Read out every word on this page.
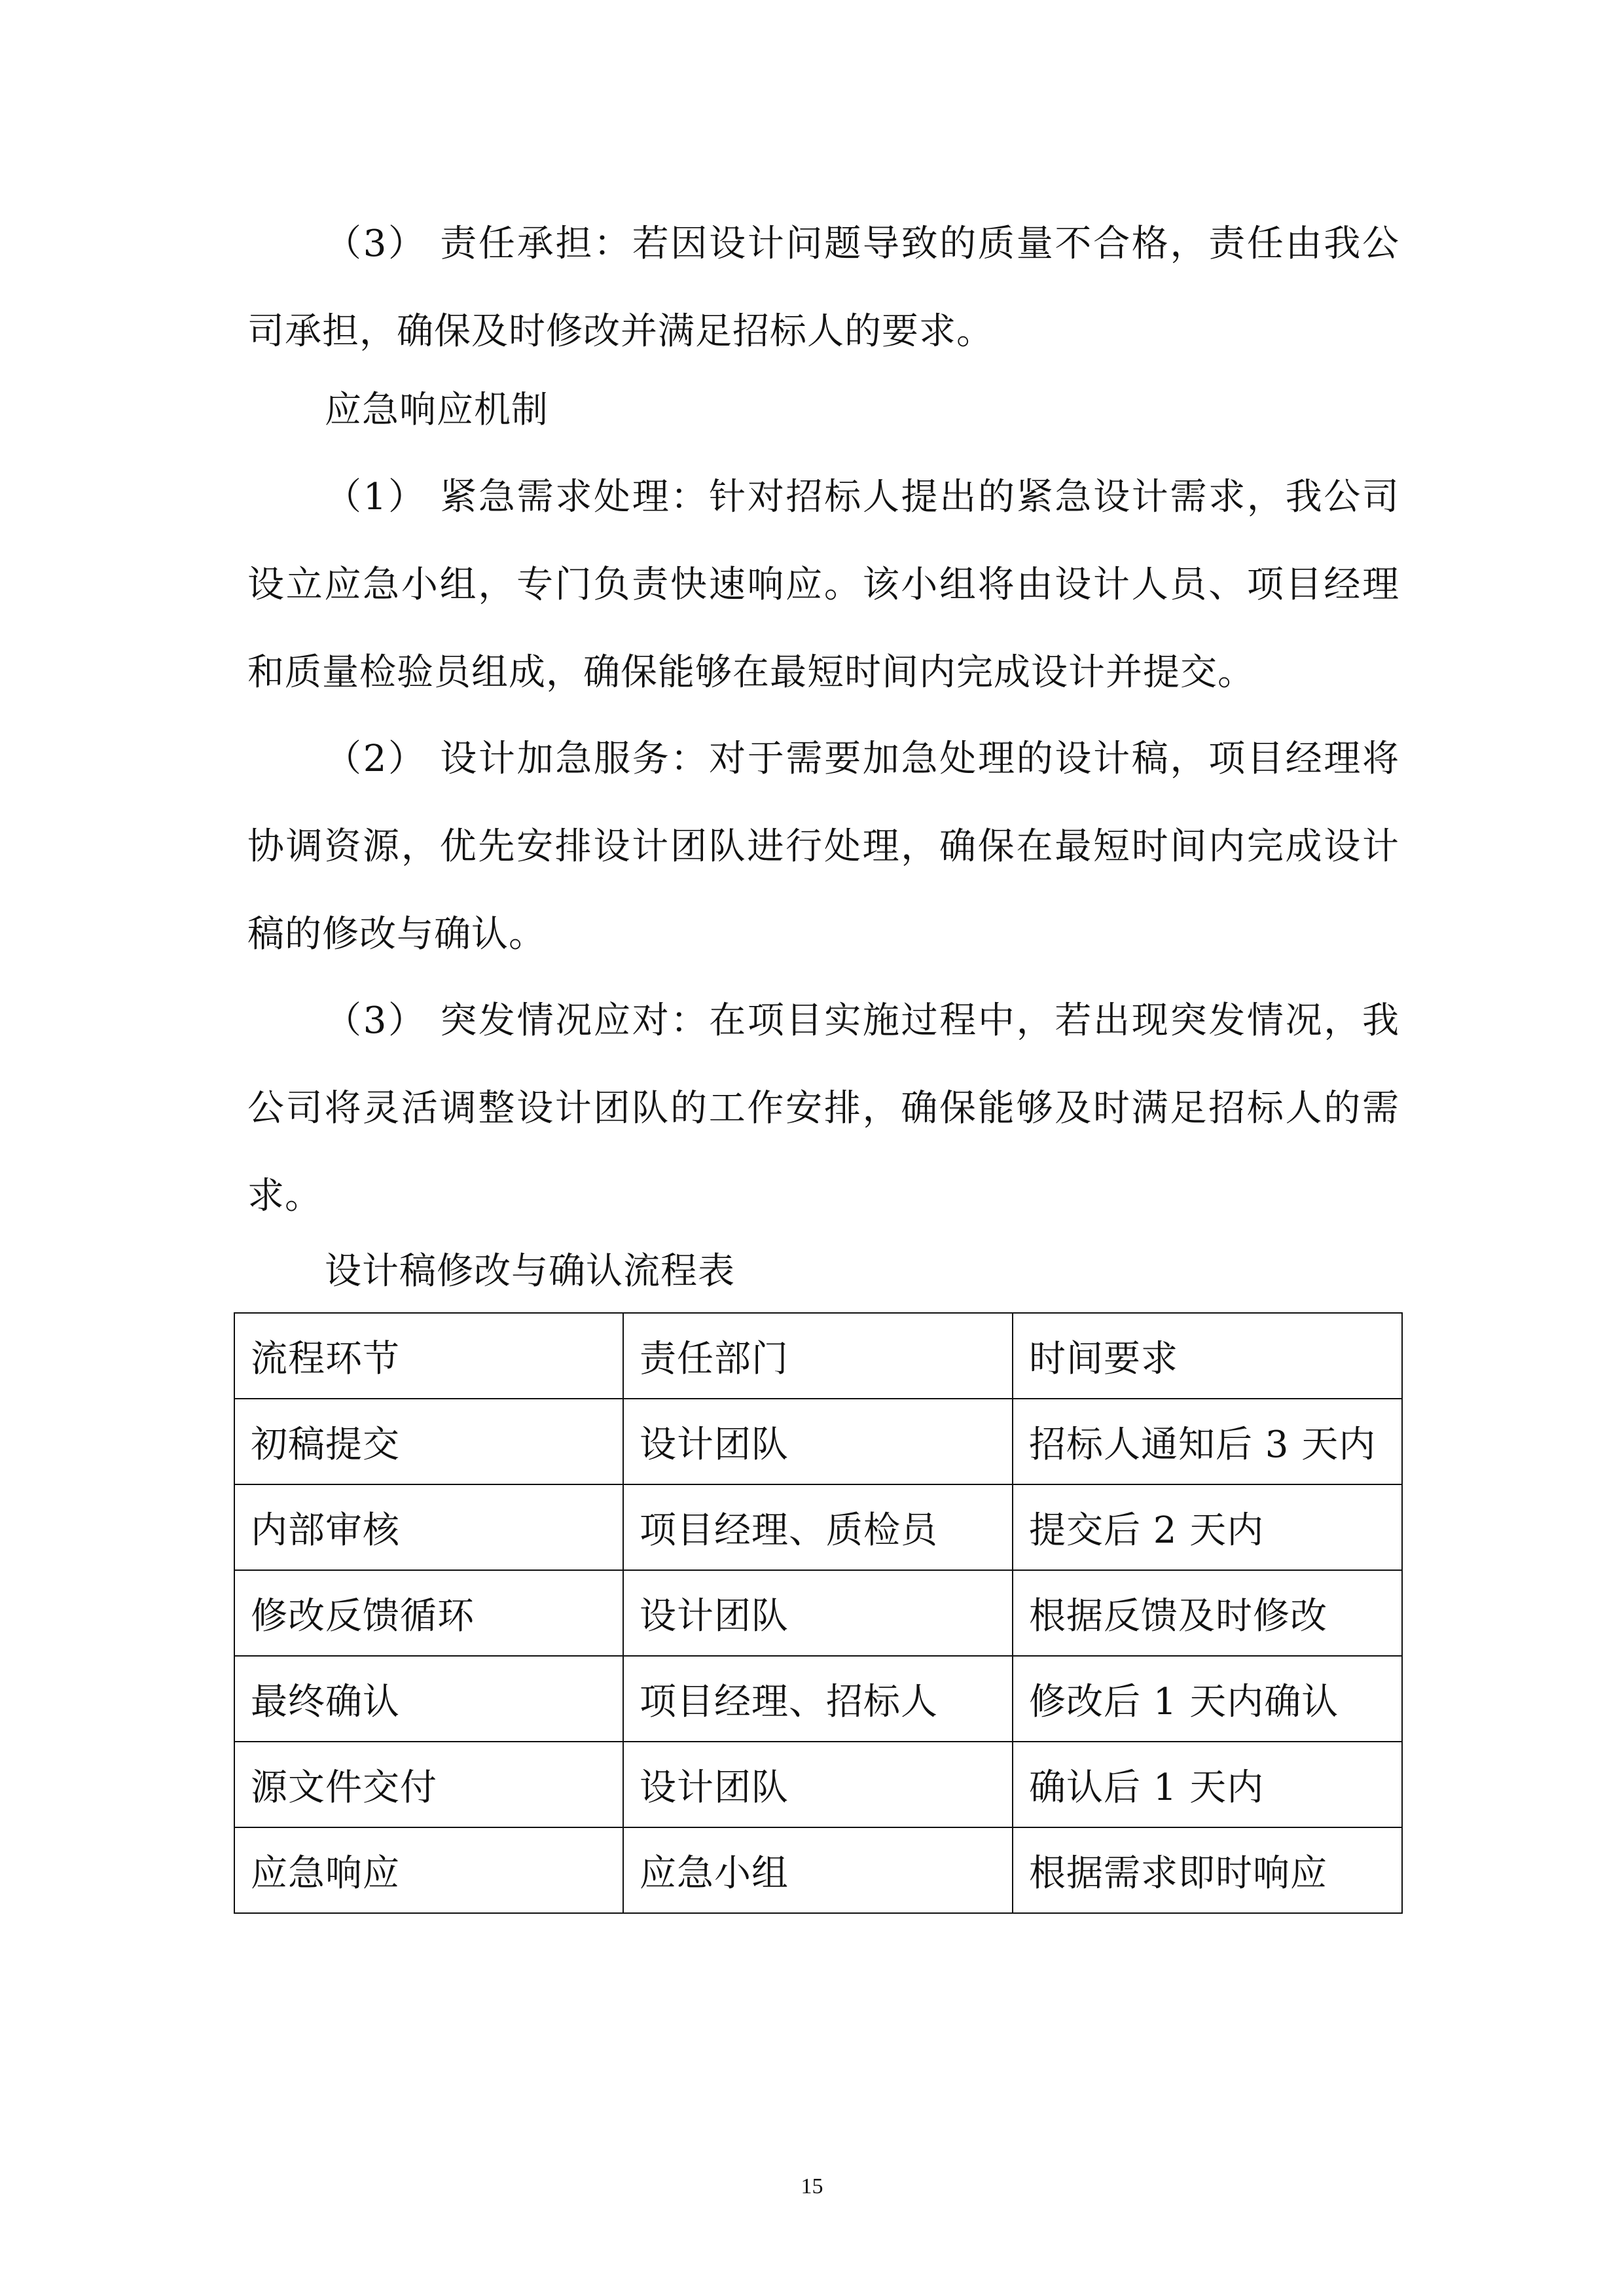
（3） 责任承担：若因设计问题导致的质量不合格，责任由我公司承担，确保及时修改并满足招标人的要求。

应急响应机制

（1） 紧急需求处理：针对招标人提出的紧急设计需求，我公司设立应急小组，专门负责快速响应。该小组将由设计人员、项目经理和质量检验员组成，确保能够在最短时间内完成设计并提交。

（2） 设计加急服务：对于需要加急处理的设计稿，项目经理将协调资源，优先安排设计团队进行处理，确保在最短时间内完成设计稿的修改与确认。

（3） 突发情况应对：在项目实施过程中，若出现突发情况，我公司将灵活调整设计团队的工作安排，确保能够及时满足招标人的需求。

设计稿修改与确认流程表

流程环节	责任部门	时间要求
初稿提交	设计团队	招标人通知后 3 天内
内部审核	项目经理、质检员	提交后 2 天内
修改反馈循环	设计团队	根据反馈及时修改
最终确认	项目经理、招标人	修改后 1 天内确认
源文件交付	设计团队	确认后 1 天内
应急响应	应急小组	根据需求即时响应
15
